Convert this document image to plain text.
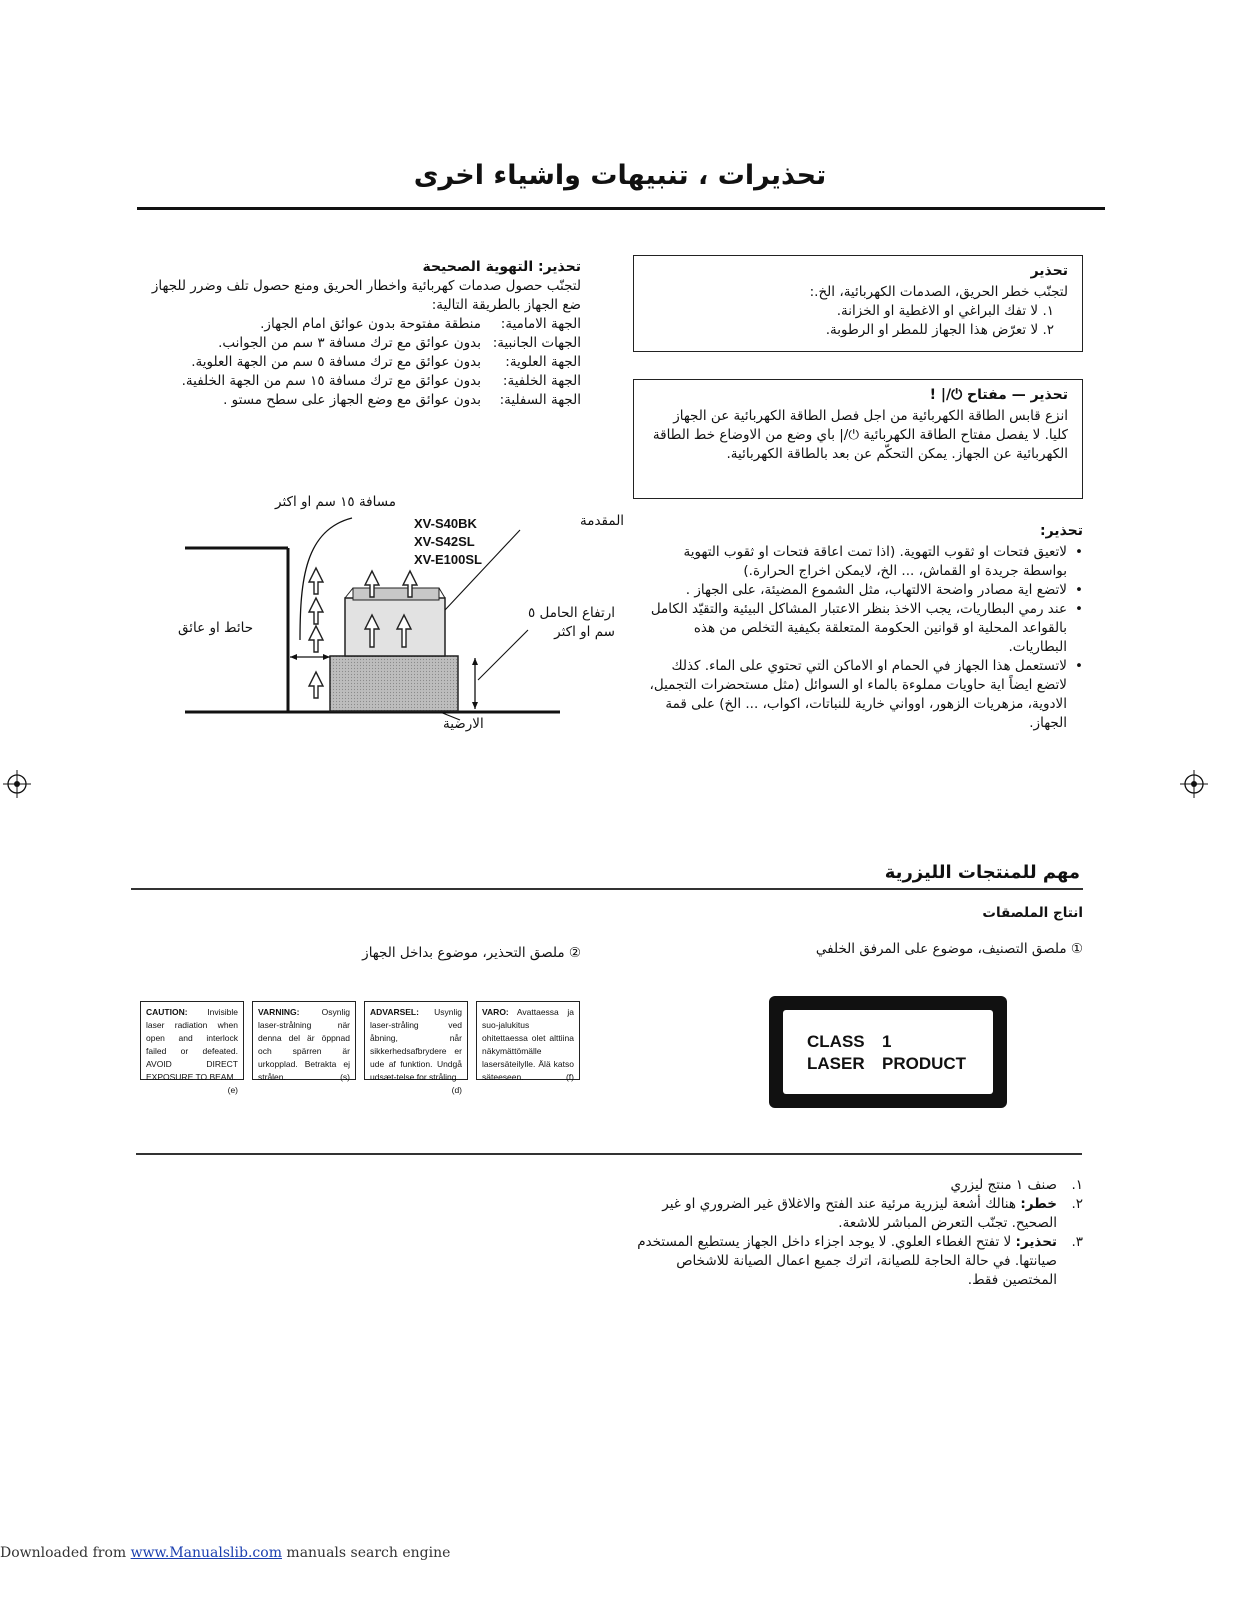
تحذيرات ، تنبيهات واشياء اخرى
تحذير
لتجنّب خطر الحريق، الصدمات الكهربائية، الخ.:
١. لا تفك البراغي او الاغطية او الخزانة.
٢. لا تعرّض هذا الجهاز للمطر او الرطوبة.
تحذير — مفتاح ⏻/| !
انزع قابس الطاقة الكهربائية من اجل فصل الطاقة الكهربائية عن الجهاز كليا. لا يفصل مفتاح الطاقة الكهربائية ⏻/| باي وضع من الاوضاع خط الطاقة الكهربائية عن الجهاز. يمكن التحكّم عن بعد بالطاقة الكهربائية.
تحذير: التهوية الصحيحة
لتجنّب حصول صدمات كهربائية واخطار الحريق ومنع حصول تلف وضرر للجهاز
ضع الجهاز بالطريقة التالية:
الجهة الامامية:
منطقة مفتوحة بدون عوائق امام الجهاز.
الجهات الجانبية:
بدون عوائق مع ترك مسافة ٣ سم من الجوانب.
الجهة العلوية:
بدون عوائق مع ترك مسافة ٥ سم من الجهة العلوية.
الجهة الخلفية:
بدون عوائق مع ترك مسافة ١٥ سم من الجهة الخلفية.
الجهة السفلية:
بدون عوائق مع وضع الجهاز على سطح مستو .
تحذير:
• لاتعيق فتحات او ثقوب التهوية. (اذا تمت اعاقة فتحات او ثقوب التهوية بواسطة جريدة او القماش، ... الخ، لايمكن اخراج الحرارة.)
• لاتضع اية مصادر واضحة الالتهاب، مثل الشموع المضيئة، على الجهاز .
• عند رمي البطاريات، يجب الاخذ بنظر الاعتبار المشاكل البيئية والتقيّد الكامل بالقواعد المحلية او قوانين الحكومة المتعلقة بكيفية التخلص من هذه البطاريات.
• لاتستعمل هذا الجهاز في الحمام او الاماكن التي تحتوي على الماء. كذلك لاتضع ايضاً اية حاويات مملوءة بالماء او السوائل (مثل مستحضرات التجميل، الادوية، مزهريات الزهور، اوواني خارية للنباتات، اكواب، ... الخ) على قمة الجهاز.
مسافة ١٥ سم او اكثر
المقدمة
XV-S40BK
XV-S42SL
XV-E100SL
حائط او عائق
ارتفاع الحامل ٥ سم او اكثر
الارضية
مهم للمنتجات الليزرية
انتاج الملصقات
① ملصق التصنيف، موضوع على المرفق الخلفي
② ملصق التحذير، موضوع بداخل الجهاز
CAUTION: Invisible laser radiation when open and interlock failed or defeated. AVOID DIRECT EXPOSURE TO BEAM.
(e)
VARNING:	Osynlig laser-strålning när denna del är öppnad och spärren är urkopplad. Betrakta ej strålen.	(s)
ADVARSEL: Usynlig laser-stråling ved åbning, når sikkerhedsafbrydere er ude af funktion. Undgå udsæt-telse for stråling
(d)
VARO: Avattaessa ja suo-jalukitus ohitettaessa olet alttiina näkymättömälle lasersäteilylle. Älä katso säteeseen.	(f)
CLASS 1
LASER PRODUCT
١.
صنف ١ منتج ليزري
٢.
خطر: هنالك أشعة ليزرية مرئية عند الفتح والاغلاق غير الضروري او غير الصحيح. تجنّب التعرض المباشر للاشعة.
٣.
تحذير: لا تفتح الغطاء العلوي. لا يوجد اجزاء داخل الجهاز يستطيع المستخدم صيانتها. في حالة الحاجة للصيانة، اترك جميع اعمال الصيانة للاشخاص المختصين فقط.
Downloaded from www.Manualslib.com manuals search engine
